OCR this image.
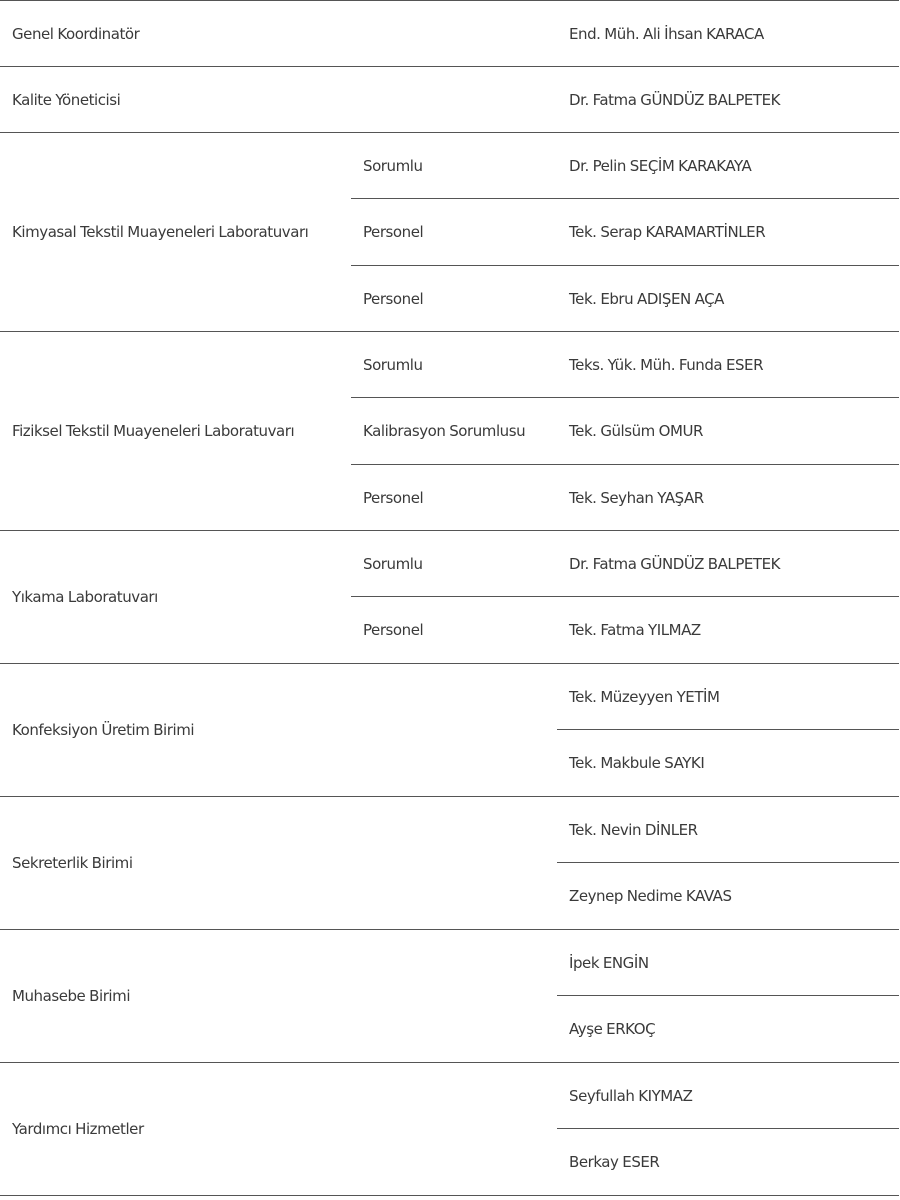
Genel Koordinatör		End. Müh. Ali İhsan KARACA
Kalite Yöneticisi		Dr. Fatma GÜNDÜZ BALPETEK
Kimyasal Tekstil Muayeneleri Laboratuvarı	Sorumlu	Dr. Pelin SEÇİM KARAKAYA
	Personel	Tek. Serap KARAMARTİNLER
	Personel	Tek. Ebru ADIŞEN AÇA
Fiziksel Tekstil Muayeneleri Laboratuvarı	Sorumlu	Teks. Yük. Müh. Funda ESER
	Kalibrasyon Sorumlusu	Tek. Gülsüm OMUR
	Personel	Tek. Seyhan YAŞAR
Yıkama Laboratuvarı	Sorumlu	Dr. Fatma GÜNDÜZ BALPETEK
	Personel	Tek. Fatma YILMAZ
Konfeksiyon Üretim Birimi		Tek. Müzeyyen YETİM
		Tek. Makbule SAYKI
Sekreterlik Birimi		Tek. Nevin DİNLER
		Zeynep Nedime KAVAS
Muhasebe Birimi		İpek ENGİN
		Ayşe ERKOÇ
Yardımcı Hizmetler		Seyfullah KIYMAZ
		Berkay ESER
